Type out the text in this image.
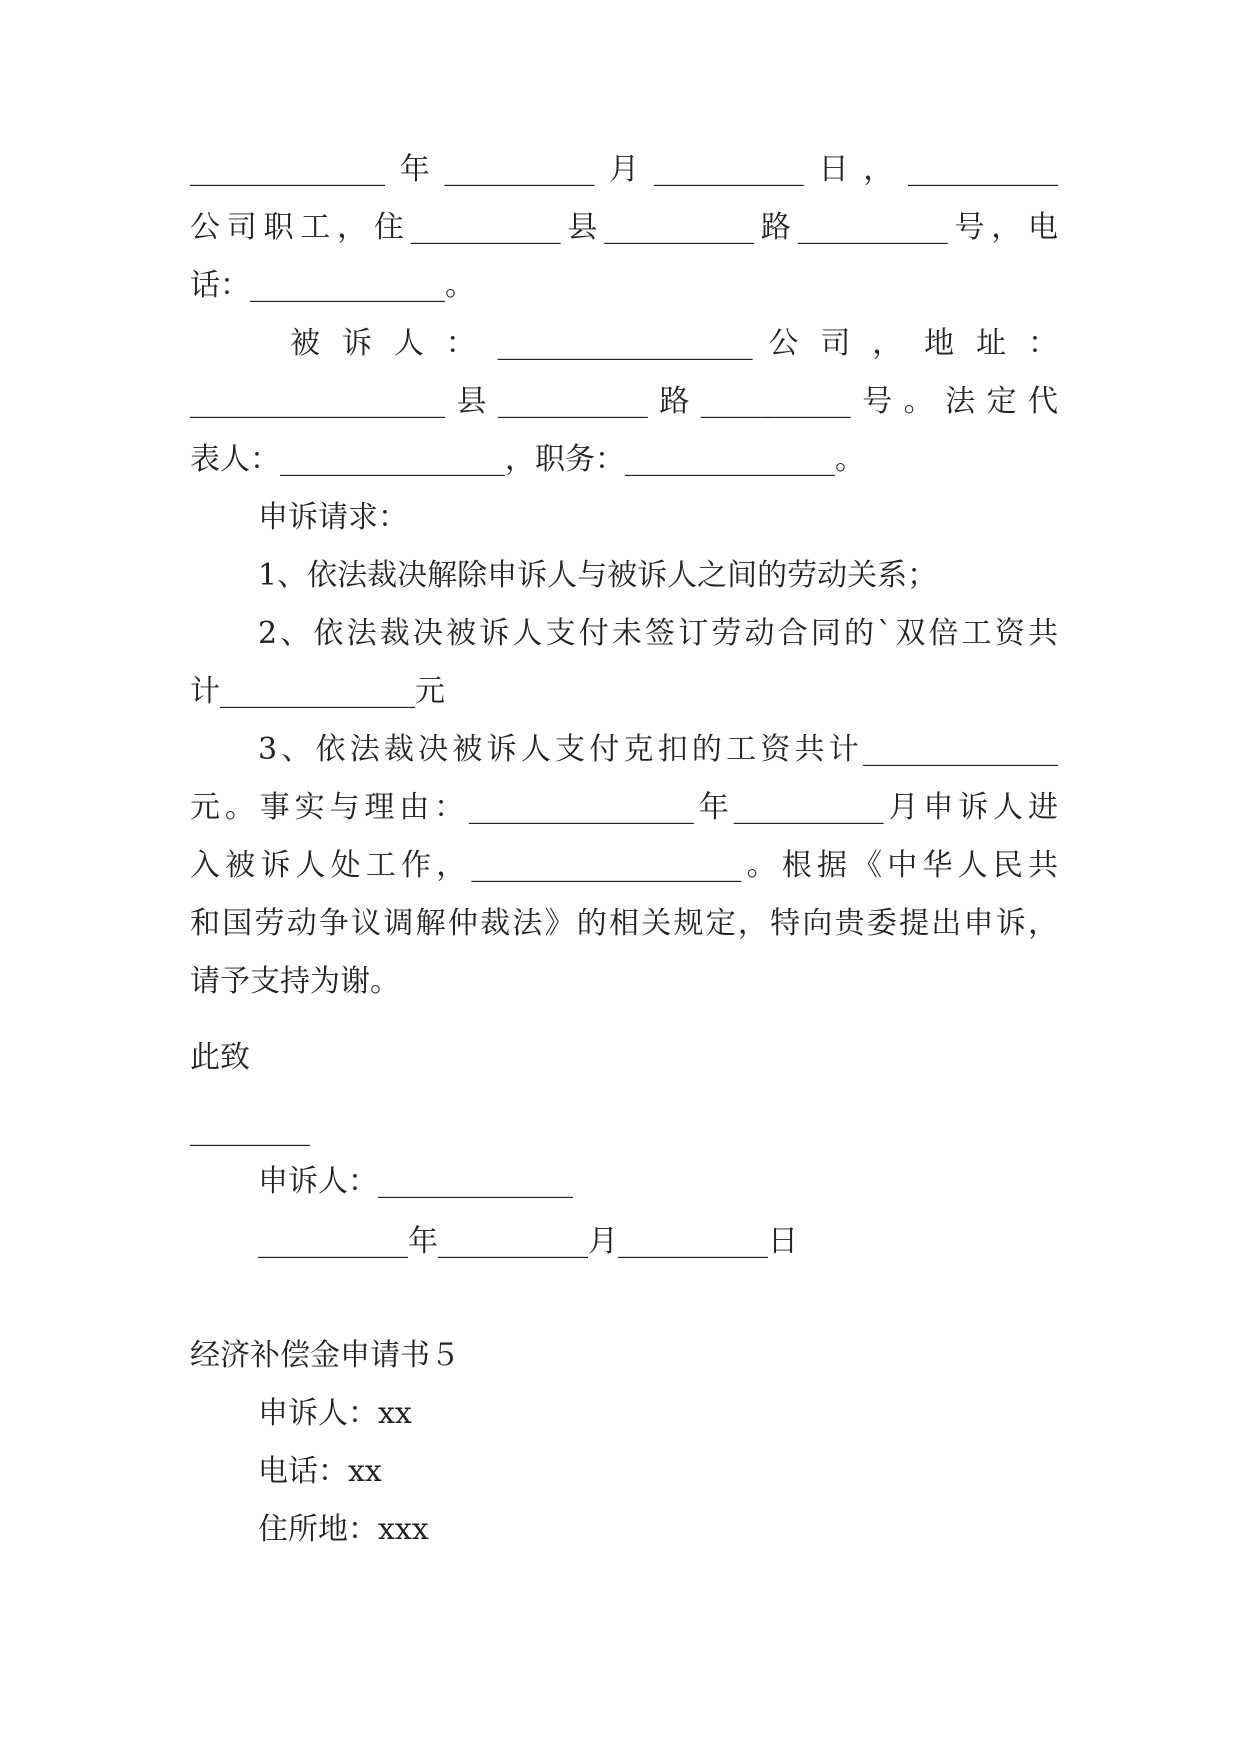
_____________年__________月__________日，__________
公司职工，住__________县__________路__________号，电
话：_____________。
被 诉 人 ： _________________ 公 司 ， 地 址 ：
_________________县__________路__________号。法定代
表人：_______________，职务：______________。
申诉请求：
1、依法裁决解除申诉人与被诉人之间的劳动关系；
2、依法裁决被诉人支付未签订劳动合同的`双倍工资共
计_____________元
3、依法裁决被诉人支付克扣的工资共计_____________
元。事实与理由：_______________年__________月申诉人进
入被诉人处工作，__________________。根据《中华人民共
和国劳动争议调解仲裁法》的相关规定，特向贵委提出申诉，
请予支持为谢。
此致
________
申诉人：_____________
__________年__________月__________日
经济补偿金申请书５
申诉人：xx
电话：xx
住所地：xxx
